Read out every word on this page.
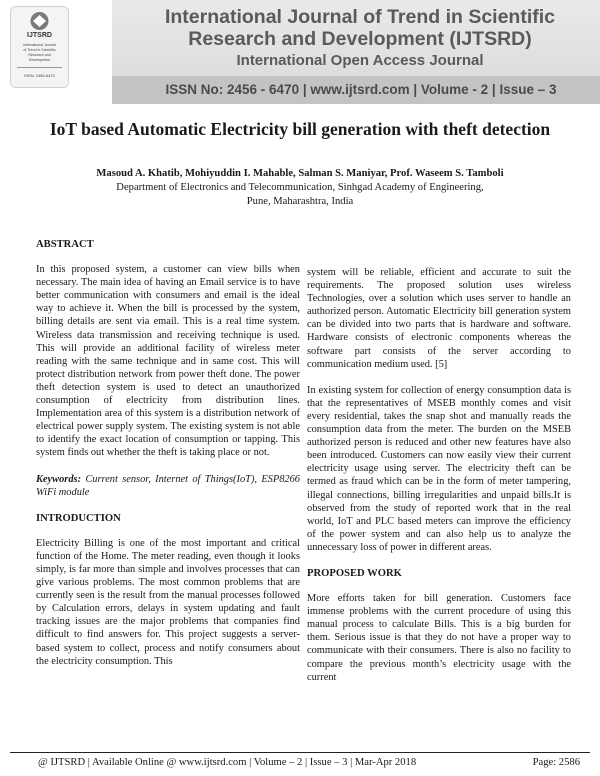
IJTSRD
International Journal
of Trend in Scientific
Research and
Development
ISSN: 2456-6470
International Journal of Trend in Scientific
Research and Development (IJTSRD)
International Open Access Journal
ISSN No: 2456 - 6470 | www.ijtsrd.com | Volume - 2 | Issue – 3
IoT based Automatic Electricity bill generation with theft detection
Masoud A. Khatib, Mohiyuddin I. Mahable, Salman S. Maniyar, Prof. Waseem S. Tamboli
Department of Electronics and Telecommunication, Sinhgad Academy of Engineering,
Pune, Maharashtra, India

ABSTRACT

In this proposed system, a customer can view bills when necessary. The main idea of having an Email service is to have better communication with consumers and email is the ideal way to achieve it. When the bill is processed by the system, billing details are sent via email. This is a real time system. Wireless data transmission and receiving technique is used. This will provide an additional facility of wireless meter reading with the same technique and in same cost. This will protect distribution network from power theft done. The power theft detection system is used to detect an unauthorized consumption of electricity from distribution lines. Implementation area of this system is a distribution network of electrical power supply system. The existing system is not able to identify the exact location of consumption or tapping. This system finds out whether the theft is taking place or not.

Keywords: Current sensor, Internet of Things(IoT), ESP8266 WiFi module

INTRODUCTION

Electricity Billing is one of the most important and critical function of the Home. The meter reading, even though it looks simply, is far more than simple and involves processes that can give various problems. The most common problems that are currently seen is the result from the manual processes followed by Calculation errors, delays in system updating and fault tracking issues are the major problems that companies find difficult to find answers for. This project suggests a server-based system to collect, process and notify consumers about the electricity consumption. This

system will be reliable, efficient and accurate to suit the requirements. The proposed solution uses wireless Technologies, over a solution which uses server to handle an authorized person. Automatic Electricity bill generation system can be divided into two parts that is hardware and software. Hardware consists of electronic components whereas the software part consists of the server according to communication medium used. [5]

In existing system for collection of energy consumption data is that the representatives of MSEB monthly comes and visit every residential, takes the snap shot and manually reads the consumption data from the meter. The burden on the MSEB authorized person is reduced and other new features have also been introduced. Customers can now easily view their current electricity usage using server. The electricity theft can be termed as fraud which can be in the form of meter tampering, illegal connections, billing irregularities and unpaid bills.It is observed from the study of reported work that in the real world, IoT and PLC based meters can improve the efficiency of the power system and can also help us to analyze the unnecessary loss of power in different areas.

PROPOSED WORK

More efforts taken for bill generation. Customers face immense problems with the current procedure of using this manual process to calculate Bills. This is a big burden for them. Serious issue is that they do not have a proper way to communicate with their consumers. There is also no facility to compare the previous month’s electricity usage with the current

@ IJTSRD | Available Online @ www.ijtsrd.com | Volume – 2 | Issue – 3 | Mar-Apr 2018	Page: 2586
